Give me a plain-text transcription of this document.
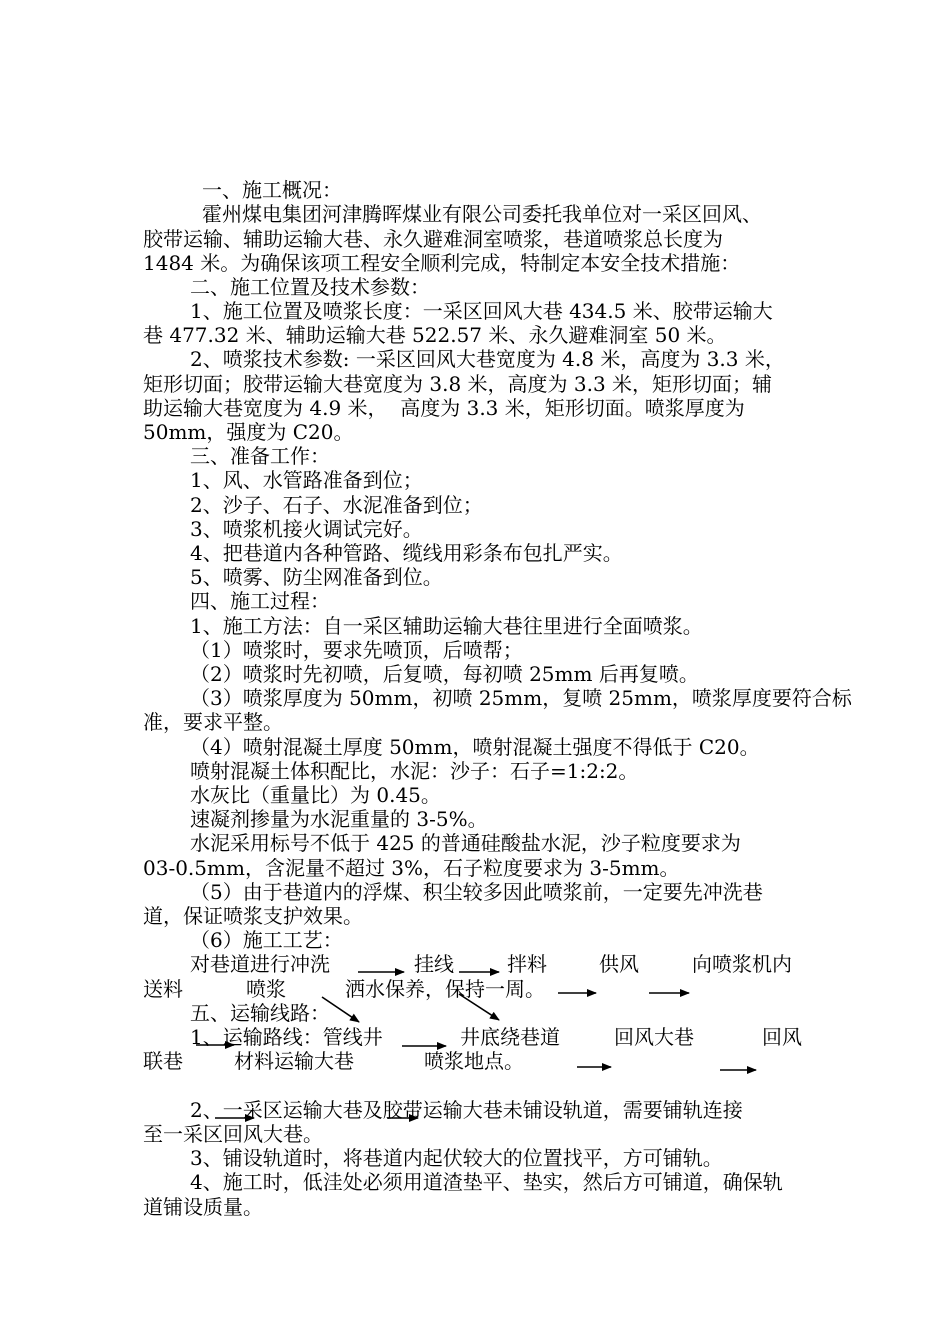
一、施工概况：
霍州煤电集团河津腾晖煤业有限公司委托我单位对一采区回风、
胶带运输、辅助运输大巷、永久避难洞室喷浆，巷道喷浆总长度为
1484 米。为确保该项工程安全顺利完成，特制定本安全技术措施：
二、施工位置及技术参数：
1、施工位置及喷浆长度：一采区回风大巷 434.5 米、胶带运输大
巷 477.32 米、辅助运输大巷 522.57 米、永久避难洞室 50 米。
2、喷浆技术参数: 一采区回风大巷宽度为 4.8 米，高度为 3.3 米，
矩形切面；胶带运输大巷宽度为 3.8 米，高度为 3.3 米，矩形切面；辅
助运输大巷宽度为 4.9 米，  高度为 3.3 米，矩形切面。喷浆厚度为
50mm，强度为 C20。
三、准备工作：
1、风、水管路准备到位；
2、沙子、石子、水泥准备到位；
3、喷浆机接火调试完好。
4、把巷道内各种管路、缆线用彩条布包扎严实。
5、喷雾、防尘网准备到位。
四、施工过程：
1、施工方法：自一采区辅助运输大巷往里进行全面喷浆。
（1）喷浆时，要求先喷顶，后喷帮；
（2）喷浆时先初喷，后复喷，每初喷 25mm 后再复喷。
（3）喷浆厚度为 50mm，初喷 25mm，复喷 25mm，喷浆厚度要符合标
准，要求平整。
（4）喷射混凝土厚度 50mm，喷射混凝土强度不得低于 C20。
喷射混凝土体积配比，水泥：沙子：石子=1:2:2。
水灰比（重量比）为 0.45。
速凝剂掺量为水泥重量的 3-5%。
水泥采用标号不低于 425 的普通硅酸盐水泥，沙子粒度要求为
03-0.5mm，含泥量不超过 3%，石子粒度要求为 3-5mm。
（5）由于巷道内的浮煤、积尘较多因此喷浆前，一定要先冲洗巷
道，保证喷浆支护效果。
（6）施工工艺：
对巷道进行冲洗	挂线	拌料	供风	向喷浆机内
送料	喷浆	洒水保养，保持一周。
五、运输线路：
1、运输路线：管线井	井底绕巷道	回风大巷	回风
联巷	材料运输大巷	喷浆地点。
2、一采区运输大巷及胶带运输大巷未铺设轨道，需要铺轨连接
至一采区回风大巷。
3、铺设轨道时，将巷道内起伏较大的位置找平，方可铺轨。
4、施工时，低洼处必须用道渣垫平、垫实，然后方可铺道，确保轨
道铺设质量。
